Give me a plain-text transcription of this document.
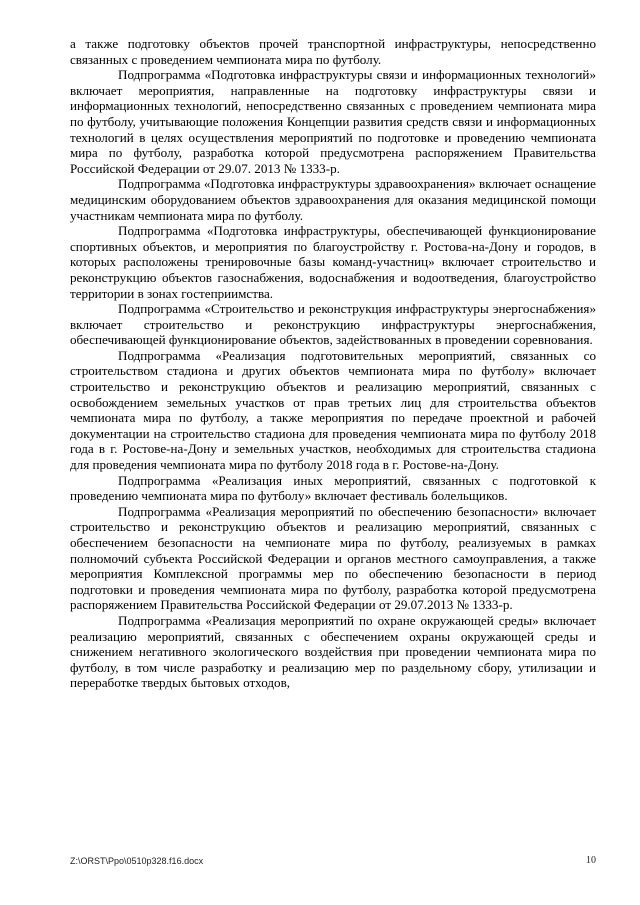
а также подготовку объектов прочей транспортной инфраструктуры, непосредственно связанных с проведением чемпионата мира по футболу.

Подпрограмма «Подготовка инфраструктуры связи и информационных технологий» включает мероприятия, направленные на подготовку инфраструктуры связи и информационных технологий, непосредственно связанных с проведением чемпионата мира по футболу, учитывающие положения Концепции развития средств связи и информационных технологий в целях осуществления мероприятий по подготовке и проведению чемпионата мира по футболу, разработка которой предусмотрена распоряжением Правительства Российской Федерации от 29.07. 2013 № 1333-р.

Подпрограмма «Подготовка инфраструктуры здравоохранения» включает оснащение медицинским оборудованием объектов здравоохранения для оказания медицинской помощи участникам чемпионата мира по футболу.

Подпрограмма «Подготовка инфраструктуры, обеспечивающей функционирование спортивных объектов, и мероприятия по благоустройству г. Ростова-на-Дону и городов, в которых расположены тренировочные базы команд-участниц» включает строительство и реконструкцию объектов газоснабжения, водоснабжения и водоотведения, благоустройство территории в зонах гостеприимства.

Подпрограмма «Строительство и реконструкция инфраструктуры энергоснабжения» включает строительство и реконструкцию инфраструктуры энергоснабжения, обеспечивающей функционирование объектов, задействованных в проведении соревнования.

Подпрограмма «Реализация подготовительных мероприятий, связанных со строительством стадиона и других объектов чемпионата мира по футболу» включает строительство и реконструкцию объектов и реализацию мероприятий, связанных с освобождением земельных участков от прав третьих лиц для строительства объектов чемпионата мира по футболу, а также мероприятия по передаче проектной и рабочей документации на строительство стадиона для проведения чемпионата мира по футболу 2018 года в г. Ростове-на-Дону и земельных участков, необходимых для строительства стадиона для проведения чемпионата мира по футболу 2018 года в г. Ростове-на-Дону.

Подпрограмма «Реализация иных мероприятий, связанных с подготовкой к проведению чемпионата мира по футболу» включает фестиваль болельщиков.

Подпрограмма «Реализация мероприятий по обеспечению безопасности» включает строительство и реконструкцию объектов и реализацию мероприятий, связанных с обеспечением безопасности на чемпионате мира по футболу, реализуемых в рамках полномочий субъекта Российской Федерации и органов местного самоуправления, а также мероприятия Комплексной программы мер по обеспечению безопасности в период подготовки и проведения чемпионата мира по футболу, разработка которой предусмотрена распоряжением Правительства Российской Федерации от 29.07.2013 № 1333-р.

Подпрограмма «Реализация мероприятий по охране окружающей среды» включает реализацию мероприятий, связанных с обеспечением охраны окружающей среды и снижением негативного экологического воздействия при проведении чемпионата мира по футболу, в том числе разработку и реализацию мер по раздельному сбору, утилизации и переработке твердых бытовых отходов,

Z:\ORST\Ppo\0510p328.f16.docx	10
